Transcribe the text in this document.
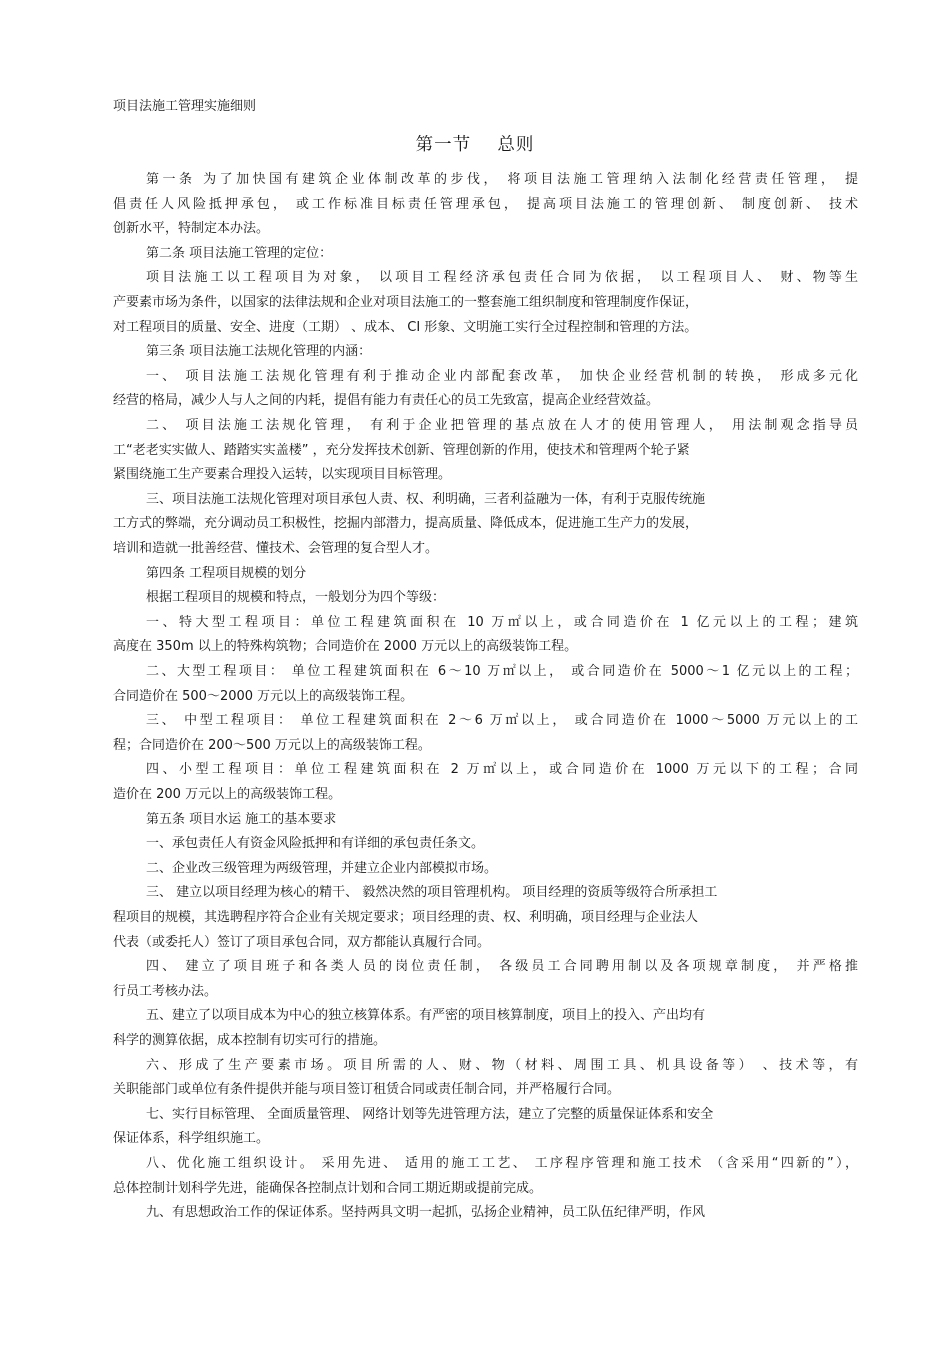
项目法施工管理实施细则
第一节    总则
第一条 为了加快国有建筑企业体制改革的步伐， 将项目法施工管理纳入法制化经营责任管理， 提
倡责任人风险抵押承包， 或工作标准目标责任管理承包， 提高项目法施工的管理创新、 制度创新、 技术
创新水平，特制定本办法。
第二条 项目法施工管理的定位：
项目法施工以工程项目为对象， 以项目工程经济承包责任合同为依据， 以工程项目人、 财、物等生
产要素市场为条件，以国家的法律法规和企业对项目法施工的一整套施工组织制度和管理制度作保证，
对工程项目的质量、安全、进度（工期） 、成本、 CI 形象、文明施工实行全过程控制和管理的方法。
第三条 项目法施工法规化管理的内涵：
一、 项目法施工法规化管理有利于推动企业内部配套改革， 加快企业经营机制的转换， 形成多元化
经营的格局，减少人与人之间的内耗，提倡有能力有责任心的员工先致富，提高企业经营效益。
二、 项目法施工法规化管理， 有利于企业把管理的基点放在人才的使用管理人， 用法制观念指导员
工“老老实实做人、踏踏实实盖楼” ，充分发挥技术创新、管理创新的作用，使技术和管理两个轮子紧
紧围绕施工生产要素合理投入运转，以实现项目目标管理。
三、项目法施工法规化管理对项目承包人责、权、利明确，三者利益融为一体，有利于克服传统施
工方式的弊端，充分调动员工积极性，挖掘内部潜力，提高质量、降低成本，促进施工生产力的发展，
培训和造就一批善经营、懂技术、会管理的复合型人才。
第四条 工程项目规模的划分
根据工程项目的规模和特点，一般划分为四个等级：
一、特大型工程项目：单位工程建筑面积在 10 万㎡以上，或合同造价在 1 亿元以上的工程；建筑
高度在 350m 以上的特殊构筑物；合同造价在 2000 万元以上的高级装饰工程。
二、大型工程项目： 单位工程建筑面积在 6～10 万㎡以上， 或合同造价在 5000～1 亿元以上的工程；
合同造价在 500～2000 万元以上的高级装饰工程。
三、 中型工程项目： 单位工程建筑面积在 2～6 万㎡以上， 或合同造价在 1000～5000 万元以上的工
程；合同造价在 200～500 万元以上的高级装饰工程。
四、小型工程项目：单位工程建筑面积在 2 万㎡以上，或合同造价在 1000 万元以下的工程；合同
造价在 200 万元以上的高级装饰工程。
第五条 项目水运 施工的基本要求
一、承包责任人有资金风险抵押和有详细的承包责任条文。
二、企业改三级管理为两级管理，并建立企业内部模拟市场。
三、 建立以项目经理为核心的精干、 毅然决然的项目管理机构。 项目经理的资质等级符合所承担工
程项目的规模，其选聘程序符合企业有关规定要求；项目经理的责、权、利明确，项目经理与企业法人
代表（或委托人）签订了项目承包合同，双方都能认真履行合同。
四、 建立了项目班子和各类人员的岗位责任制， 各级员工合同聘用制以及各项规章制度， 并严格推
行员工考核办法。
五、建立了以项目成本为中心的独立核算体系。有严密的项目核算制度，项目上的投入、产出均有
科学的测算依据，成本控制有切实可行的措施。
六、形成了生产要素市场。项目所需的人、财、物（材料、周围工具、机具设备等） 、技术等，有
关职能部门或单位有条件提供并能与项目签订租赁合同或责任制合同，并严格履行合同。
七、实行目标管理、 全面质量管理、 网络计划等先进管理方法，建立了完整的质量保证体系和安全
保证体系，科学组织施工。
八、优化施工组织设计。 采用先进、 适用的施工工艺、 工序程序管理和施工技术 （含采用“四新的”），
总体控制计划科学先进，能确保各控制点计划和合同工期近期或提前完成。
九、有思想政治工作的保证体系。坚持两具文明一起抓，弘扬企业精神，员工队伍纪律严明，作风
